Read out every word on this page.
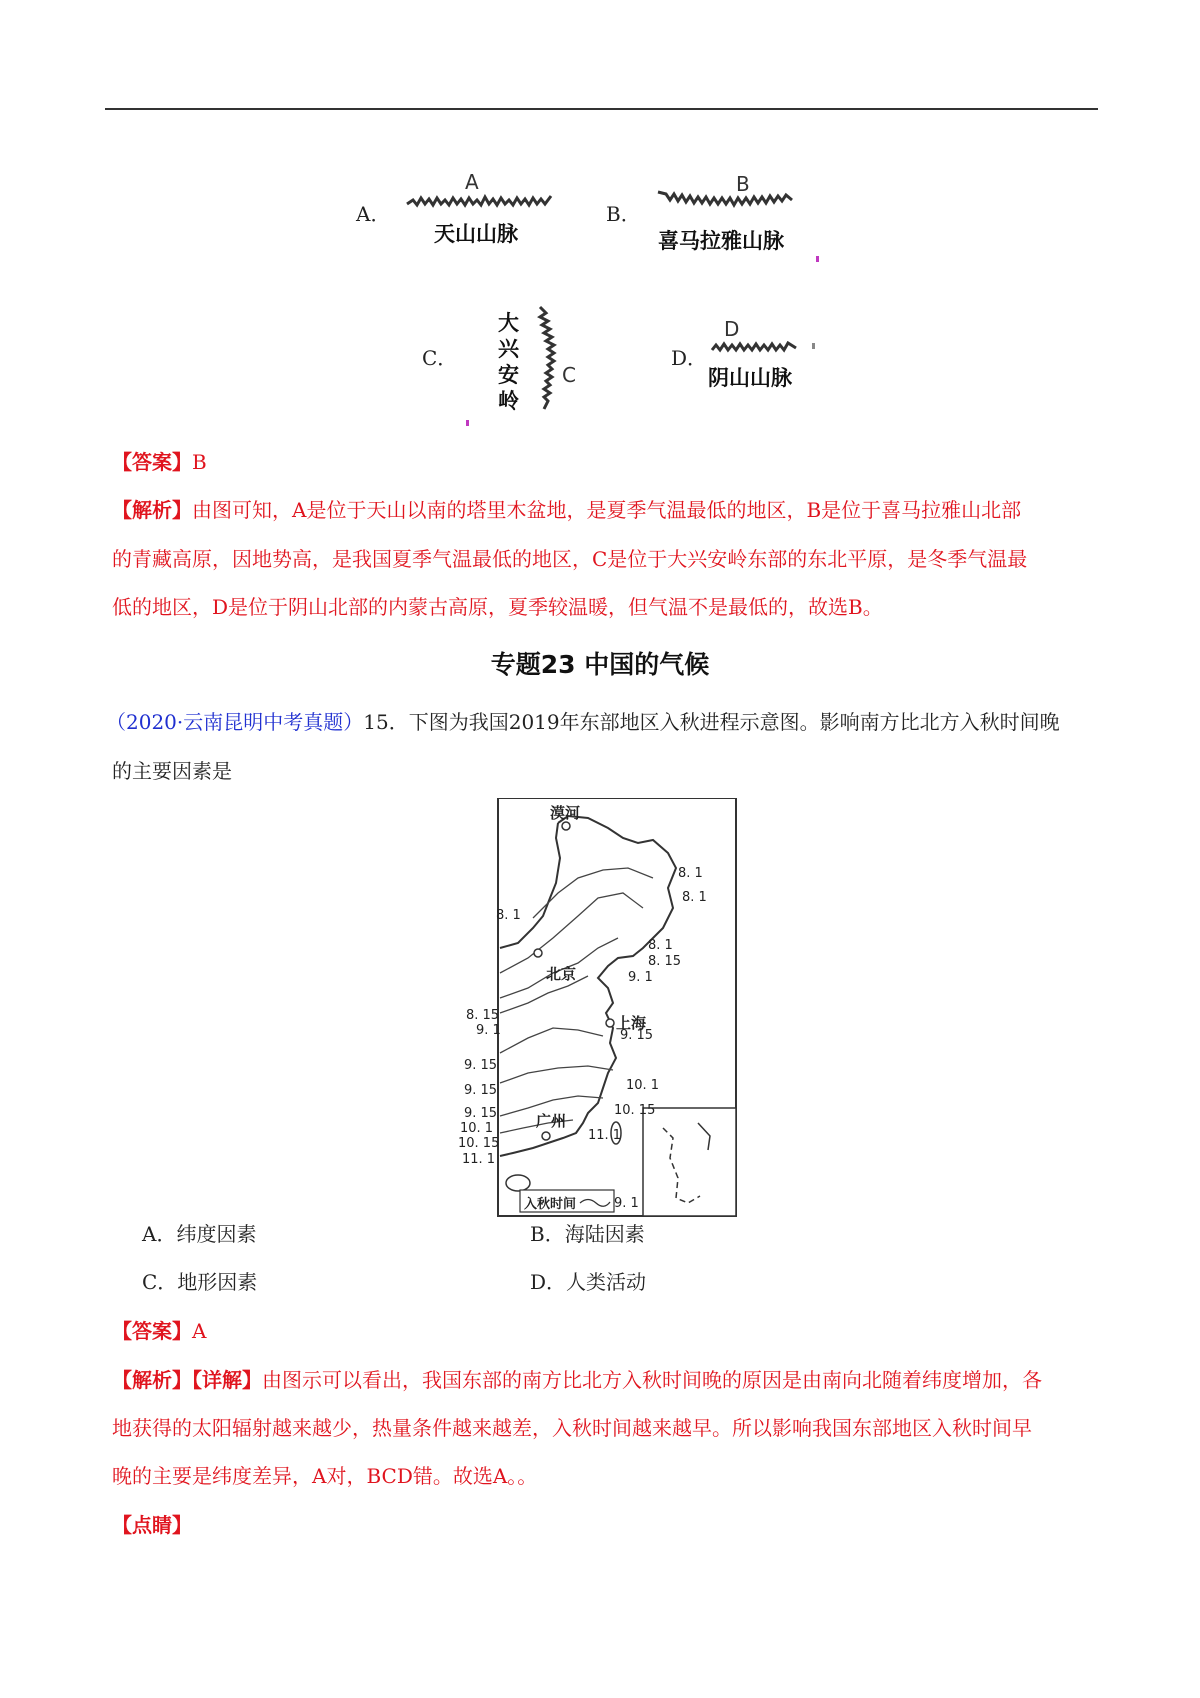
A．
A
天山山脉
B．
B
喜马拉雅山脉
C．
大
兴
安
岭
C
D．
D
阴山山脉
【答案】B
【解析】由图可知，A是位于天山以南的塔里木盆地，是夏季气温最低的地区，B是位于喜马拉雅山北部
的青藏高原，因地势高，是我国夏季气温最低的地区，C是位于大兴安岭东部的东北平原，是冬季气温最
低的地区，D是位于阴山北部的内蒙古高原，夏季较温暖，但气温不是最低的，故选B。
专题23 中国的气候
（2020·云南昆明中考真题）15．下图为我国2019年东部地区入秋进程示意图。影响南方比北方入秋时间晚
的主要因素是
漠河
北京
上海
广州
8. 1
8. 1
8. 1
8. 1
8. 15
9. 1
8. 15
9. 1	9. 15
9. 15
9. 15
9. 15
10. 1
10. 15
10. 1
10. 15
11. 1
11. 1
入秋时间	9. 1
A．纬度因素	B．海陆因素
C．地形因素	D．人类活动
【答案】A
【解析】【详解】由图示可以看出，我国东部的南方比北方入秋时间晚的原因是由南向北随着纬度增加，各
地获得的太阳辐射越来越少，热量条件越来越差，入秋时间越来越早。所以影响我国东部地区入秋时间早
晚的主要是纬度差异，A对，BCD错。故选A。。
【点睛】
